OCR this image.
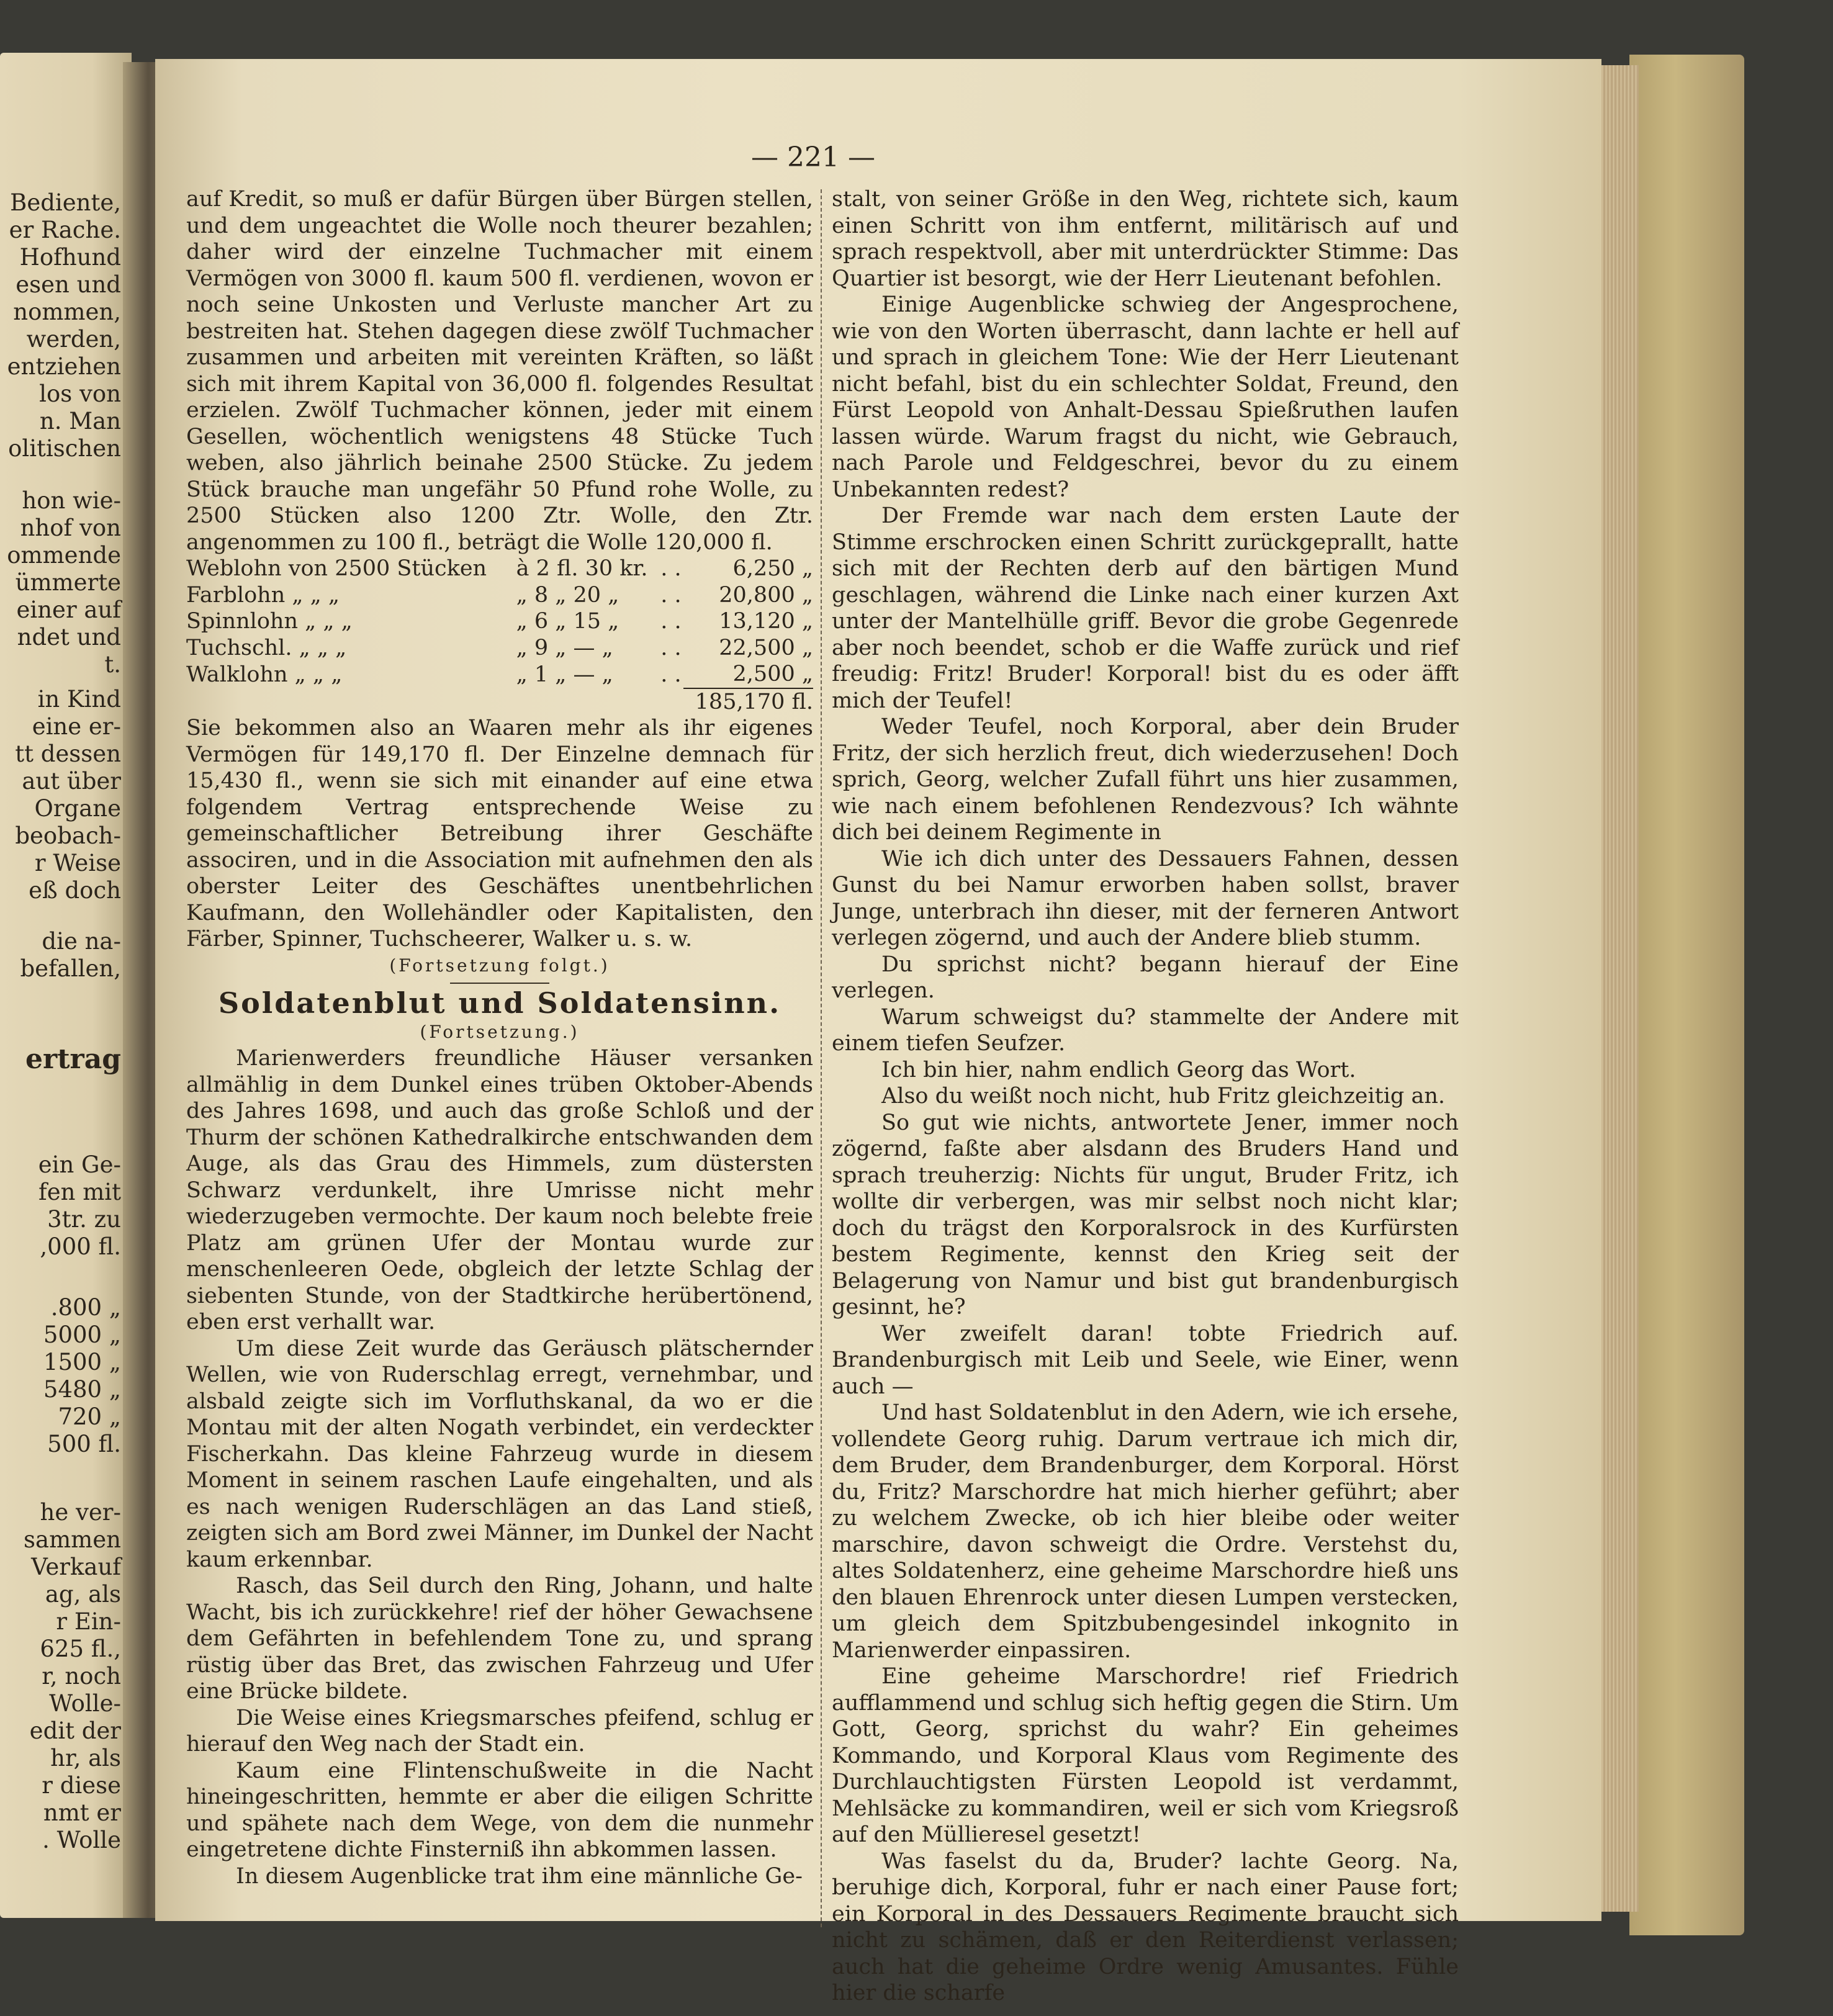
Bediente,
er Rache.
Hofhund
esen und
nommen,
werden,
entziehen
los von
n. Man
olitischen
hon wie-
nhof von
ommende
ümmerte
einer auf
ndet und
t.
in Kind
eine er-
tt dessen
aut über
Organe
beobach-
r Weise
eß doch
die na-
befallen,
ertrag
ein Ge-
fen mit
3tr. zu
,000 fl.
.800 „
5000 „
1500 „
5480 „
720 „
500 fl.
he ver-
sammen
Verkauf
ag, als
r Ein-
625 fl.,
r, noch
Wolle-
edit der
hr, als
r diese
nmt er
. Wolle
— 221 —

auf Kredit, so muß er dafür Bürgen über Bürgen stellen, und dem ungeachtet die Wolle noch theurer bezahlen; daher wird der einzelne Tuchmacher mit einem Vermögen von 3000 fl. kaum 500 fl. verdienen, wovon er noch seine Unkosten und Verluste mancher Art zu bestreiten hat. Stehen dagegen diese zwölf Tuchmacher zusammen und arbeiten mit vereinten Kräften, so läßt sich mit ihrem Kapital von 36,000 fl. folgendes Resultat erzielen. Zwölf Tuchmacher können, jeder mit einem Gesellen, wöchentlich wenigstens 48 Stücke Tuch weben, also jährlich beinahe 2500 Stücke. Zu jedem Stück brauche man ungefähr 50 Pfund rohe Wolle, zu 2500 Stücken also 1200 Ztr. Wolle, den Ztr. angenommen zu 100 fl., beträgt die Wolle 120,000 fl.

Weblohn von 2500 Stücken	à 2 fl. 30 kr.	. .	6,250 „
Farblohn „ „ „	„ 8 „ 20 „	. .	20,800 „
Spinnlohn „ „ „	„ 6 „ 15 „	. .	13,120 „
Tuchschl. „ „ „	„ 9 „ — „	. .	22,500 „
Walklohn „ „ „	„ 1 „ — „	. .	2,500 „
			185,170 fl.

Sie bekommen also an Waaren mehr als ihr eigenes Vermögen für 149,170 fl. Der Einzelne demnach für 15,430 fl., wenn sie sich mit einander auf eine etwa folgendem Vertrag entsprechende Weise zu gemeinschaftlicher Betreibung ihrer Geschäfte associren, und in die Association mit aufnehmen den als oberster Leiter des Geschäftes unentbehrlichen Kaufmann, den Wollehändler oder Kapitalisten, den Färber, Spinner, Tuchscheerer, Walker u. s. w.

(Fortsetzung folgt.)

Soldatenblut und Soldatensinn.

(Fortsetzung.)

Marienwerders freundliche Häuser versanken allmählig in dem Dunkel eines trüben Oktober-Abends des Jahres 1698, und auch das große Schloß und der Thurm der schönen Kathedralkirche entschwanden dem Auge, als das Grau des Himmels, zum düstersten Schwarz verdunkelt, ihre Umrisse nicht mehr wiederzugeben vermochte. Der kaum noch belebte freie Platz am grünen Ufer der Montau wurde zur menschenleeren Oede, obgleich der letzte Schlag der siebenten Stunde, von der Stadtkirche herübertönend, eben erst verhallt war.

Um diese Zeit wurde das Geräusch plätschernder Wellen, wie von Ruderschlag erregt, vernehmbar, und alsbald zeigte sich im Vorfluthskanal, da wo er die Montau mit der alten Nogath verbindet, ein verdeckter Fischerkahn. Das kleine Fahrzeug wurde in diesem Moment in seinem raschen Laufe eingehalten, und als es nach wenigen Ruderschlägen an das Land stieß, zeigten sich am Bord zwei Männer, im Dunkel der Nacht kaum erkennbar.

Rasch, das Seil durch den Ring, Johann, und halte Wacht, bis ich zurückkehre! rief der höher Gewachsene dem Gefährten in befehlendem Tone zu, und sprang rüstig über das Bret, das zwischen Fahrzeug und Ufer eine Brücke bildete.

Die Weise eines Kriegsmarsches pfeifend, schlug er hierauf den Weg nach der Stadt ein.

Kaum eine Flintenschußweite in die Nacht hineingeschritten, hemmte er aber die eiligen Schritte und spähete nach dem Wege, von dem die nunmehr eingetretene dichte Finsterniß ihn abkommen lassen.

In diesem Augenblicke trat ihm eine männliche Ge-

stalt, von seiner Größe in den Weg, richtete sich, kaum einen Schritt von ihm entfernt, militärisch auf und sprach respektvoll, aber mit unterdrückter Stimme: Das Quartier ist besorgt, wie der Herr Lieutenant befohlen.

Einige Augenblicke schwieg der Angesprochene, wie von den Worten überrascht, dann lachte er hell auf und sprach in gleichem Tone: Wie der Herr Lieutenant nicht befahl, bist du ein schlechter Soldat, Freund, den Fürst Leopold von Anhalt-Dessau Spießruthen laufen lassen würde. Warum fragst du nicht, wie Gebrauch, nach Parole und Feldgeschrei, bevor du zu einem Unbekannten redest?

Der Fremde war nach dem ersten Laute der Stimme erschrocken einen Schritt zurückgeprallt, hatte sich mit der Rechten derb auf den bärtigen Mund geschlagen, während die Linke nach einer kurzen Axt unter der Mantelhülle griff. Bevor die grobe Gegenrede aber noch beendet, schob er die Waffe zurück und rief freudig: Fritz! Bruder! Korporal! bist du es oder äfft mich der Teufel!

Weder Teufel, noch Korporal, aber dein Bruder Fritz, der sich herzlich freut, dich wiederzusehen! Doch sprich, Georg, welcher Zufall führt uns hier zusammen, wie nach einem befohlenen Rendezvous? Ich wähnte dich bei deinem Regimente in

Wie ich dich unter des Dessauers Fahnen, dessen Gunst du bei Namur erworben haben sollst, braver Junge, unterbrach ihn dieser, mit der ferneren Antwort verlegen zögernd, und auch der Andere blieb stumm.

Du sprichst nicht? begann hierauf der Eine verlegen.

Warum schweigst du? stammelte der Andere mit einem tiefen Seufzer.

Ich bin hier, nahm endlich Georg das Wort.

Also du weißt noch nicht, hub Fritz gleichzeitig an.

So gut wie nichts, antwortete Jener, immer noch zögernd, faßte aber alsdann des Bruders Hand und sprach treuherzig: Nichts für ungut, Bruder Fritz, ich wollte dir verbergen, was mir selbst noch nicht klar; doch du trägst den Korporalsrock in des Kurfürsten bestem Regimente, kennst den Krieg seit der Belagerung von Namur und bist gut brandenburgisch gesinnt, he?

Wer zweifelt daran! tobte Friedrich auf. Brandenburgisch mit Leib und Seele, wie Einer, wenn auch —

Und hast Soldatenblut in den Adern, wie ich ersehe, vollendete Georg ruhig. Darum vertraue ich mich dir, dem Bruder, dem Brandenburger, dem Korporal. Hörst du, Fritz? Marschordre hat mich hierher geführt; aber zu welchem Zwecke, ob ich hier bleibe oder weiter marschire, davon schweigt die Ordre. Verstehst du, altes Soldatenherz, eine geheime Marschordre hieß uns den blauen Ehrenrock unter diesen Lumpen verstecken, um gleich dem Spitzbubengesindel inkognito in Marienwerder einpassiren.

Eine geheime Marschordre! rief Friedrich aufflammend und schlug sich heftig gegen die Stirn. Um Gott, Georg, sprichst du wahr? Ein geheimes Kommando, und Korporal Klaus vom Regimente des Durchlauchtigsten Fürsten Leopold ist verdammt, Mehlsäcke zu kommandiren, weil er sich vom Kriegsroß auf den Müllieresel gesetzt!

Was faselst du da, Bruder? lachte Georg. Na, beruhige dich, Korporal, fuhr er nach einer Pause fort; ein Korporal in des Dessauers Regimente braucht sich nicht zu schämen, daß er den Reiterdienst verlassen; auch hat die geheime Ordre wenig Amusantes. Fühle hier die scharfe
